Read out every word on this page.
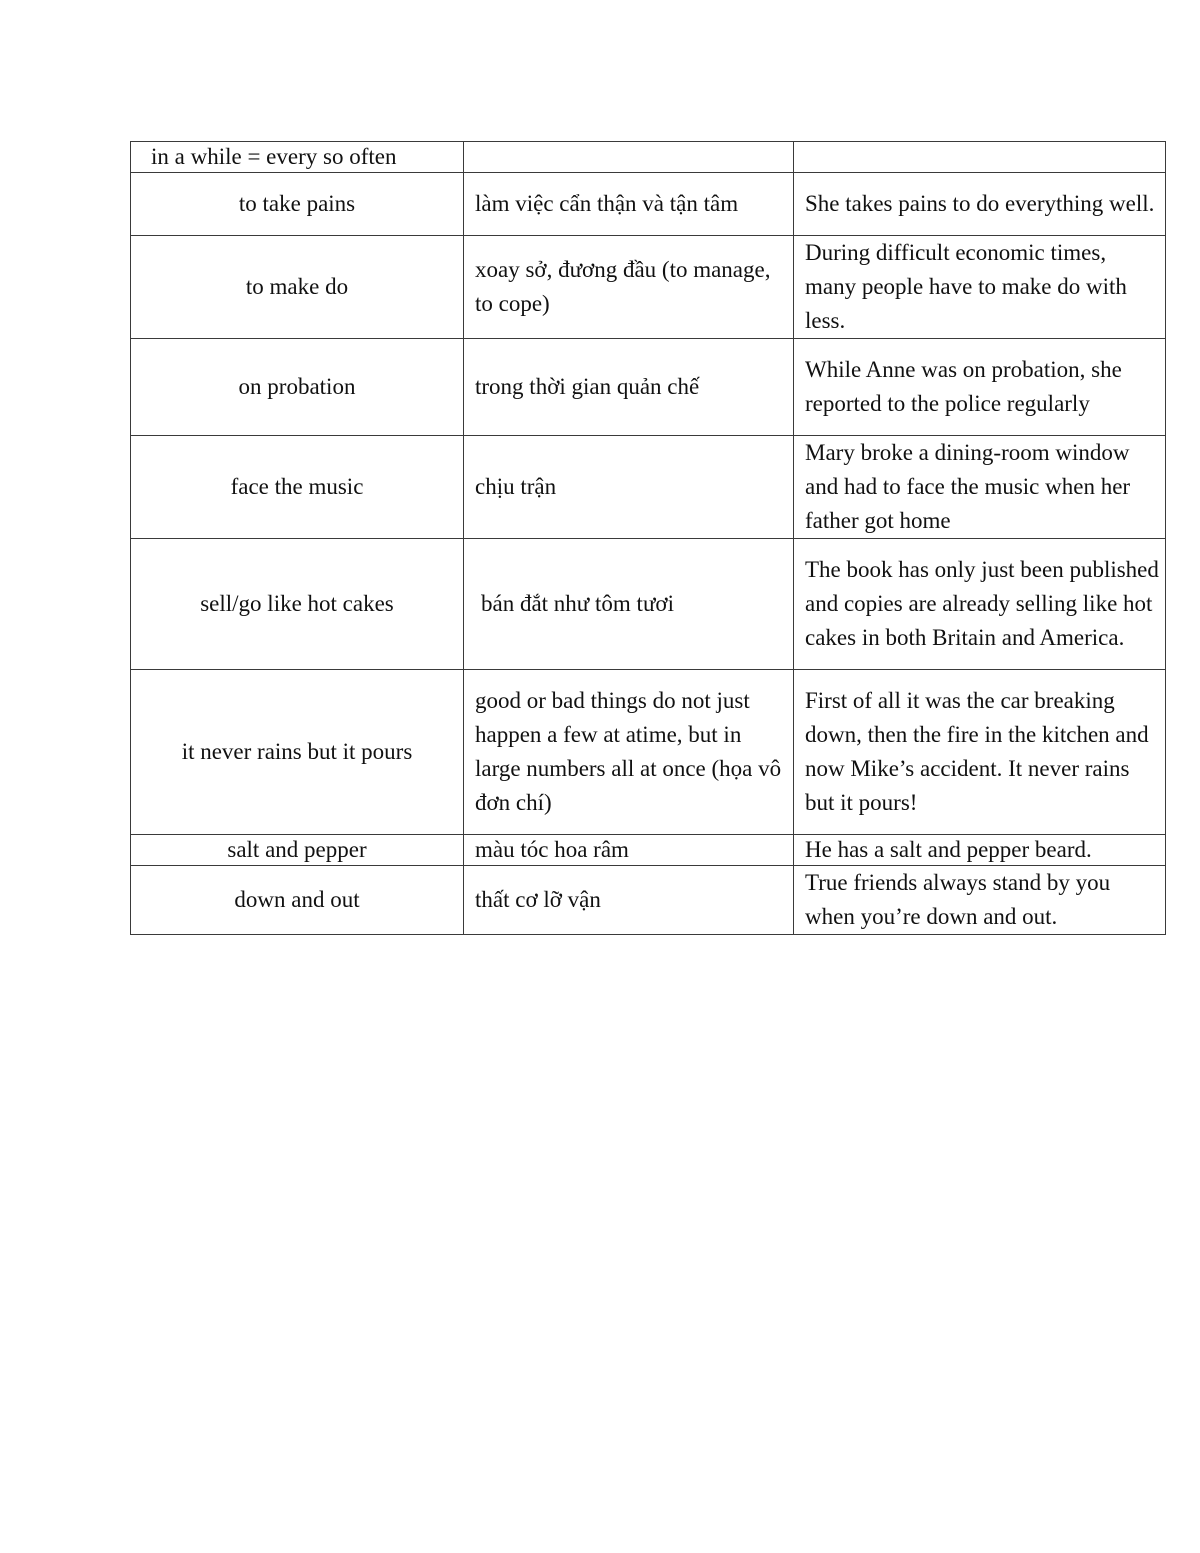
in a while = every so often		
to take pains	làm việc cẩn thận và tận tâm	She takes pains to do everything well.
to make do	xoay sở, đương đầu (to manage, to cope)	During difficult economic times, many people have to make do with less.
on probation	trong thời gian quản chế	While Anne was on probation, she reported to the police regularly
face the music	chịu trận	Mary broke a dining-room window and had to face the music when her father got home
sell/go like hot cakes	bán đắt như tôm tươi	The book has only just been published and copies are already selling like hot cakes in both Britain and America.
it never rains but it pours	good or bad things do not just happen a few at atime, but in large numbers all at once (họa vô đơn chí)	First of all it was the car breaking down, then the fire in the kitchen and now Mike’s accident. It never rains but it pours!
salt and pepper	màu tóc hoa râm	He has a salt and pepper beard.
down and out	thất cơ lỡ vận	True friends always stand by you when you’re down and out.
